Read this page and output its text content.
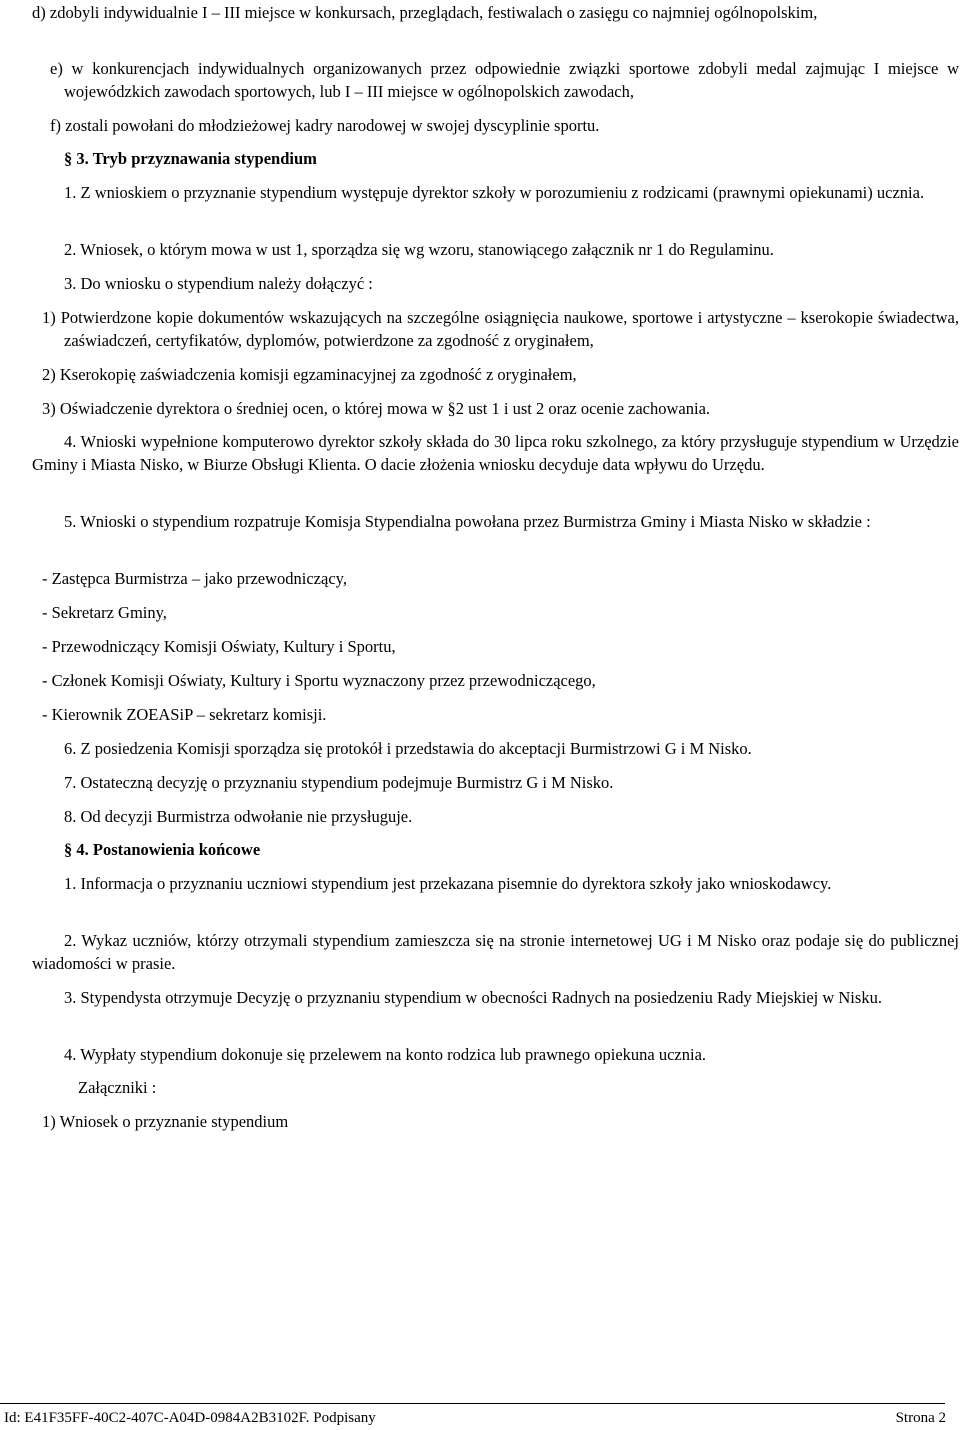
d) zdobyli indywidualnie I – III miejsce w konkursach, przeglądach, festiwalach o zasięgu co najmniej ogólnopolskim,

e) w konkurencjach indywidualnych organizowanych przez odpowiednie związki sportowe zdobyli medal zajmując I miejsce w wojewódzkich zawodach sportowych, lub I – III miejsce w ogólnopolskich zawodach,

f) zostali powołani do młodzieżowej kadry narodowej w swojej dyscyplinie sportu.

§ 3. Tryb przyznawania stypendium

1. Z wnioskiem o przyznanie stypendium występuje dyrektor szkoły w porozumieniu z rodzicami (prawnymi opiekunami) ucznia.

2. Wniosek, o którym mowa w ust 1, sporządza się wg wzoru, stanowiącego załącznik nr 1 do Regulaminu.

3. Do wniosku o stypendium należy dołączyć :

1) Potwierdzone kopie dokumentów wskazujących na szczególne osiągnięcia naukowe, sportowe i artystyczne – kserokopie świadectwa, zaświadczeń, certyfikatów, dyplomów, potwierdzone za zgodność z oryginałem,

2) Kserokopię zaświadczenia komisji egzaminacyjnej za zgodność z oryginałem,

3) Oświadczenie dyrektora o średniej ocen, o której mowa w §2 ust 1 i ust 2 oraz ocenie zachowania.

4. Wnioski wypełnione komputerowo dyrektor szkoły składa do 30 lipca roku szkolnego, za który przysługuje stypendium w Urzędzie Gminy i Miasta Nisko, w Biurze Obsługi Klienta. O dacie złożenia wniosku decyduje data wpływu do Urzędu.

5. Wnioski o stypendium rozpatruje Komisja Stypendialna powołana przez Burmistrza Gminy i Miasta Nisko w składzie :

- Zastępca Burmistrza – jako przewodniczący,

- Sekretarz Gminy,

- Przewodniczący Komisji Oświaty, Kultury i Sportu,

- Członek Komisji Oświaty, Kultury i Sportu wyznaczony przez przewodniczącego,

- Kierownik ZOEASiP – sekretarz komisji.

6. Z posiedzenia Komisji sporządza się protokół i przedstawia do akceptacji Burmistrzowi G i M Nisko.

7. Ostateczną decyzję o przyznaniu stypendium podejmuje Burmistrz G i M Nisko.

8. Od decyzji Burmistrza odwołanie nie przysługuje.

§ 4. Postanowienia końcowe

1. Informacja o przyznaniu uczniowi stypendium jest przekazana pisemnie do dyrektora szkoły jako wnioskodawcy.

2. Wykaz uczniów, którzy otrzymali stypendium zamieszcza się na stronie internetowej UG i M Nisko oraz podaje się do publicznej wiadomości w prasie.

3. Stypendysta otrzymuje Decyzję o przyznaniu stypendium w obecności Radnych na posiedzeniu Rady Miejskiej w Nisku.

4. Wypłaty stypendium dokonuje się przelewem na konto rodzica lub prawnego opiekuna ucznia.

Załączniki :

1) Wniosek o przyznanie stypendium

Id: E41F35FF-40C2-407C-A04D-0984A2B3102F. Podpisany	Strona 2
